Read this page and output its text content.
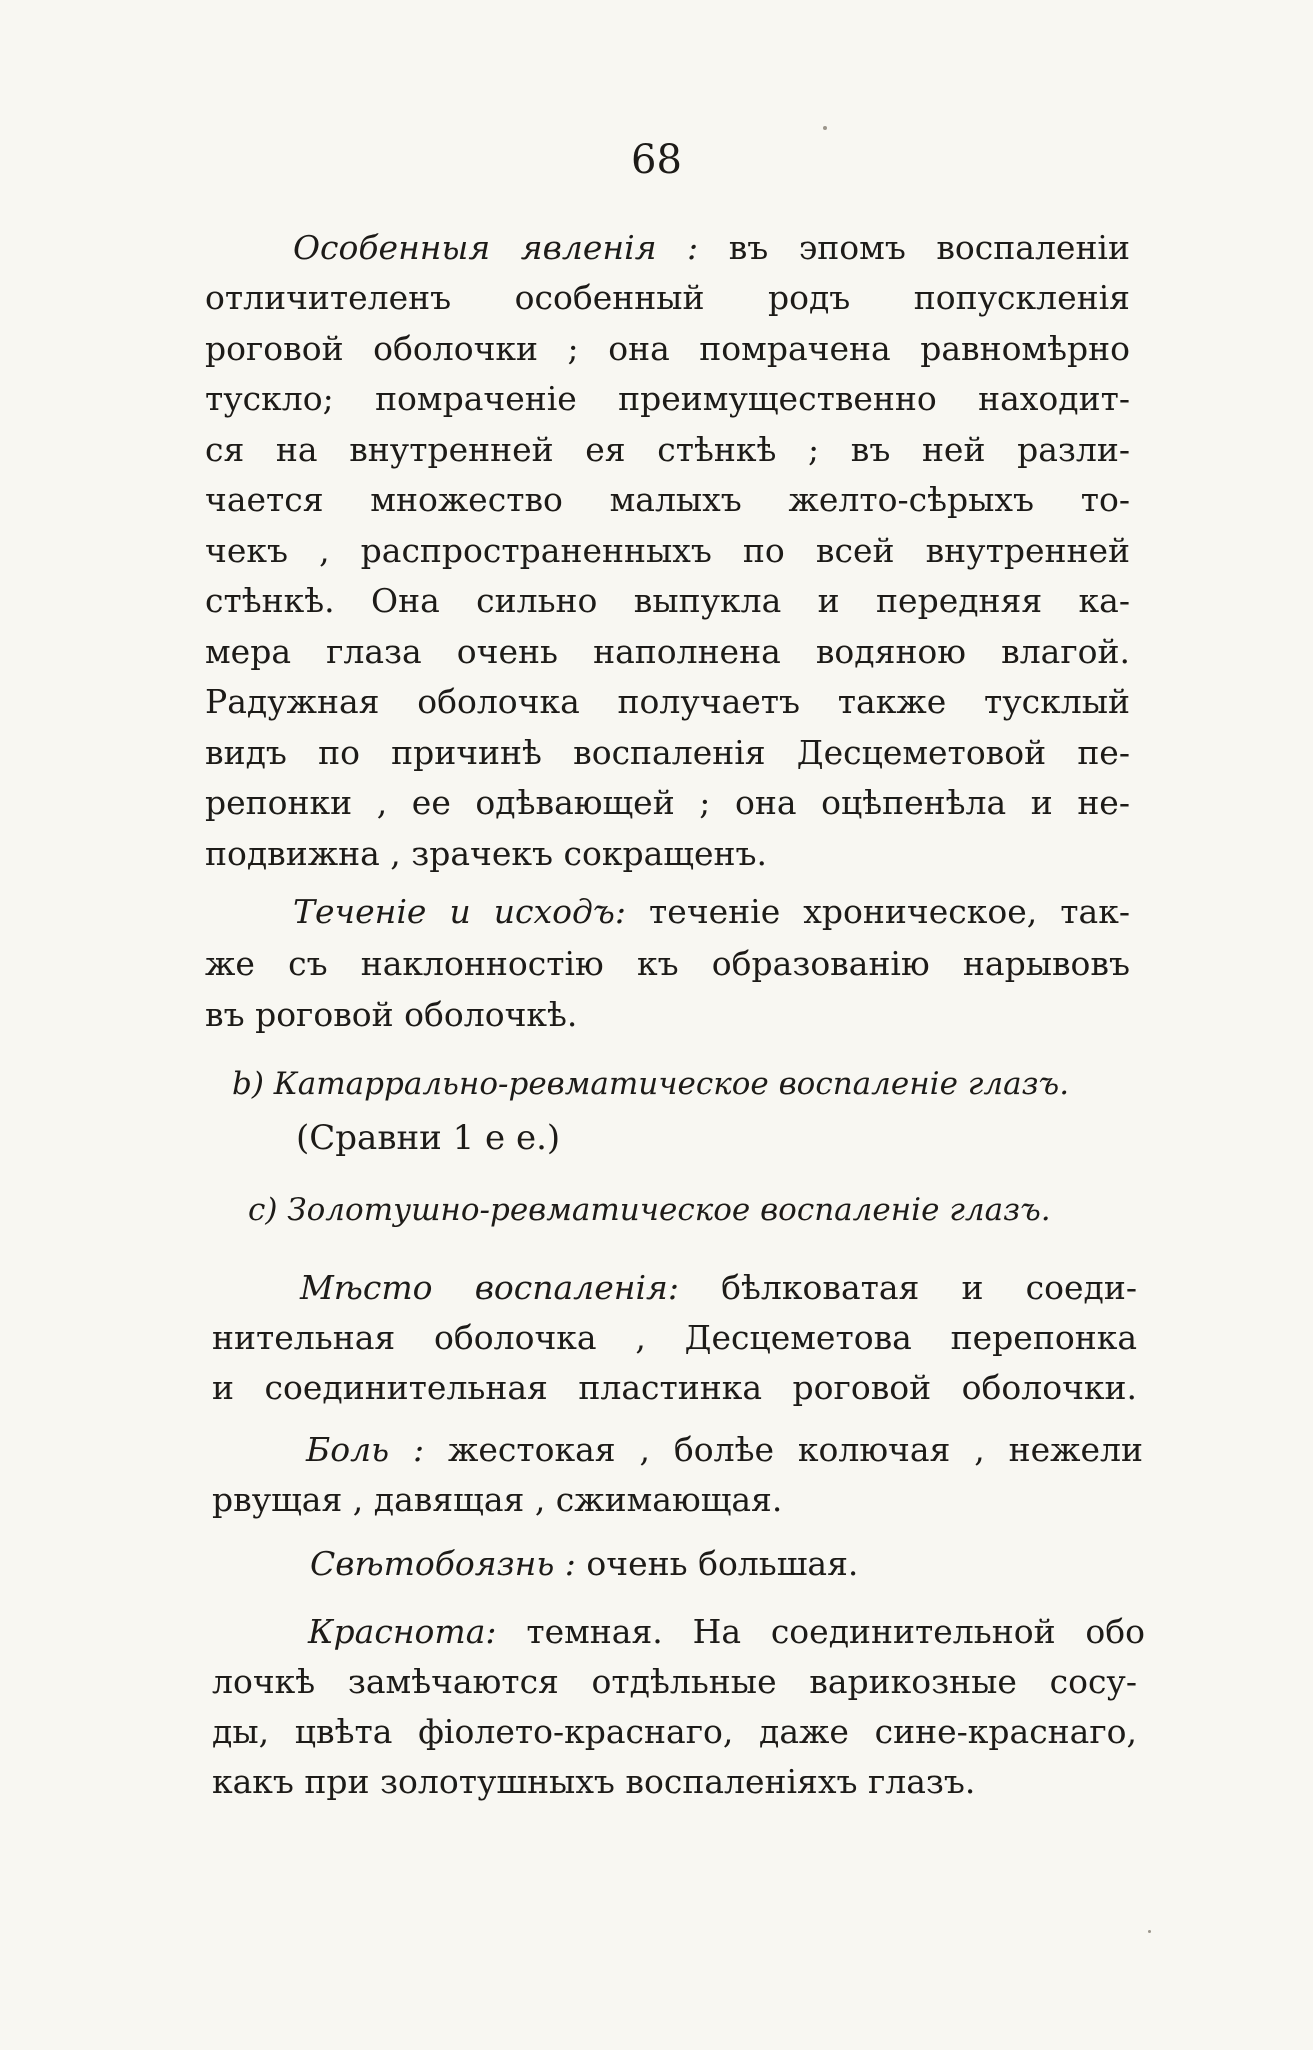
68
Особенныя явленія : въ эпомъ воспаленіи
отличителенъ особенный родъ попускленія
роговой оболочки ; она помрачена равномѣрно
тускло; помраченіе преимущественно находит-
ся на внутренней ея стѣнкѣ ; въ ней разли-
чается множество малыхъ желто-сѣрыхъ то-
чекъ , распространенныхъ по всей внутренней
стѣнкѣ. Она сильно выпукла и передняя ка-
мера глаза очень наполнена водяною влагой.
Радужная оболочка получаетъ также тусклый
видъ по причинѣ воспаленія Десцеметовой пе-
репонки , ее одѣвающей ; она оцѣпенѣла и не-
подвижна , зрачекъ сокращенъ.
Теченіе и исходъ: теченіе хроническое, так-
же съ наклонностію къ образованію нарывовъ
въ роговой оболочкѣ.
b) Катаррально-ревматическое воспаленіе глазъ.
(Сравни 1 е е.)
c) Золотушно-ревматическое воспаленіе глазъ.
Мѣсто воспаленія: бѣлковатая и соеди-
нительная оболочка , Десцеметова перепонка
и соединительная пластинка роговой оболочки.
Боль : жестокая , болѣе колючая , нежели
рвущая , давящая , сжимающая.
Свѣтобоязнь : очень большая.
Краснота: темная. На соединительной обо
лочкѣ замѣчаются отдѣльные варикозные сосу-
ды, цвѣта фіолето-краснаго, даже сине-краснаго,
какъ при золотушныхъ воспаленіяхъ глазъ.
